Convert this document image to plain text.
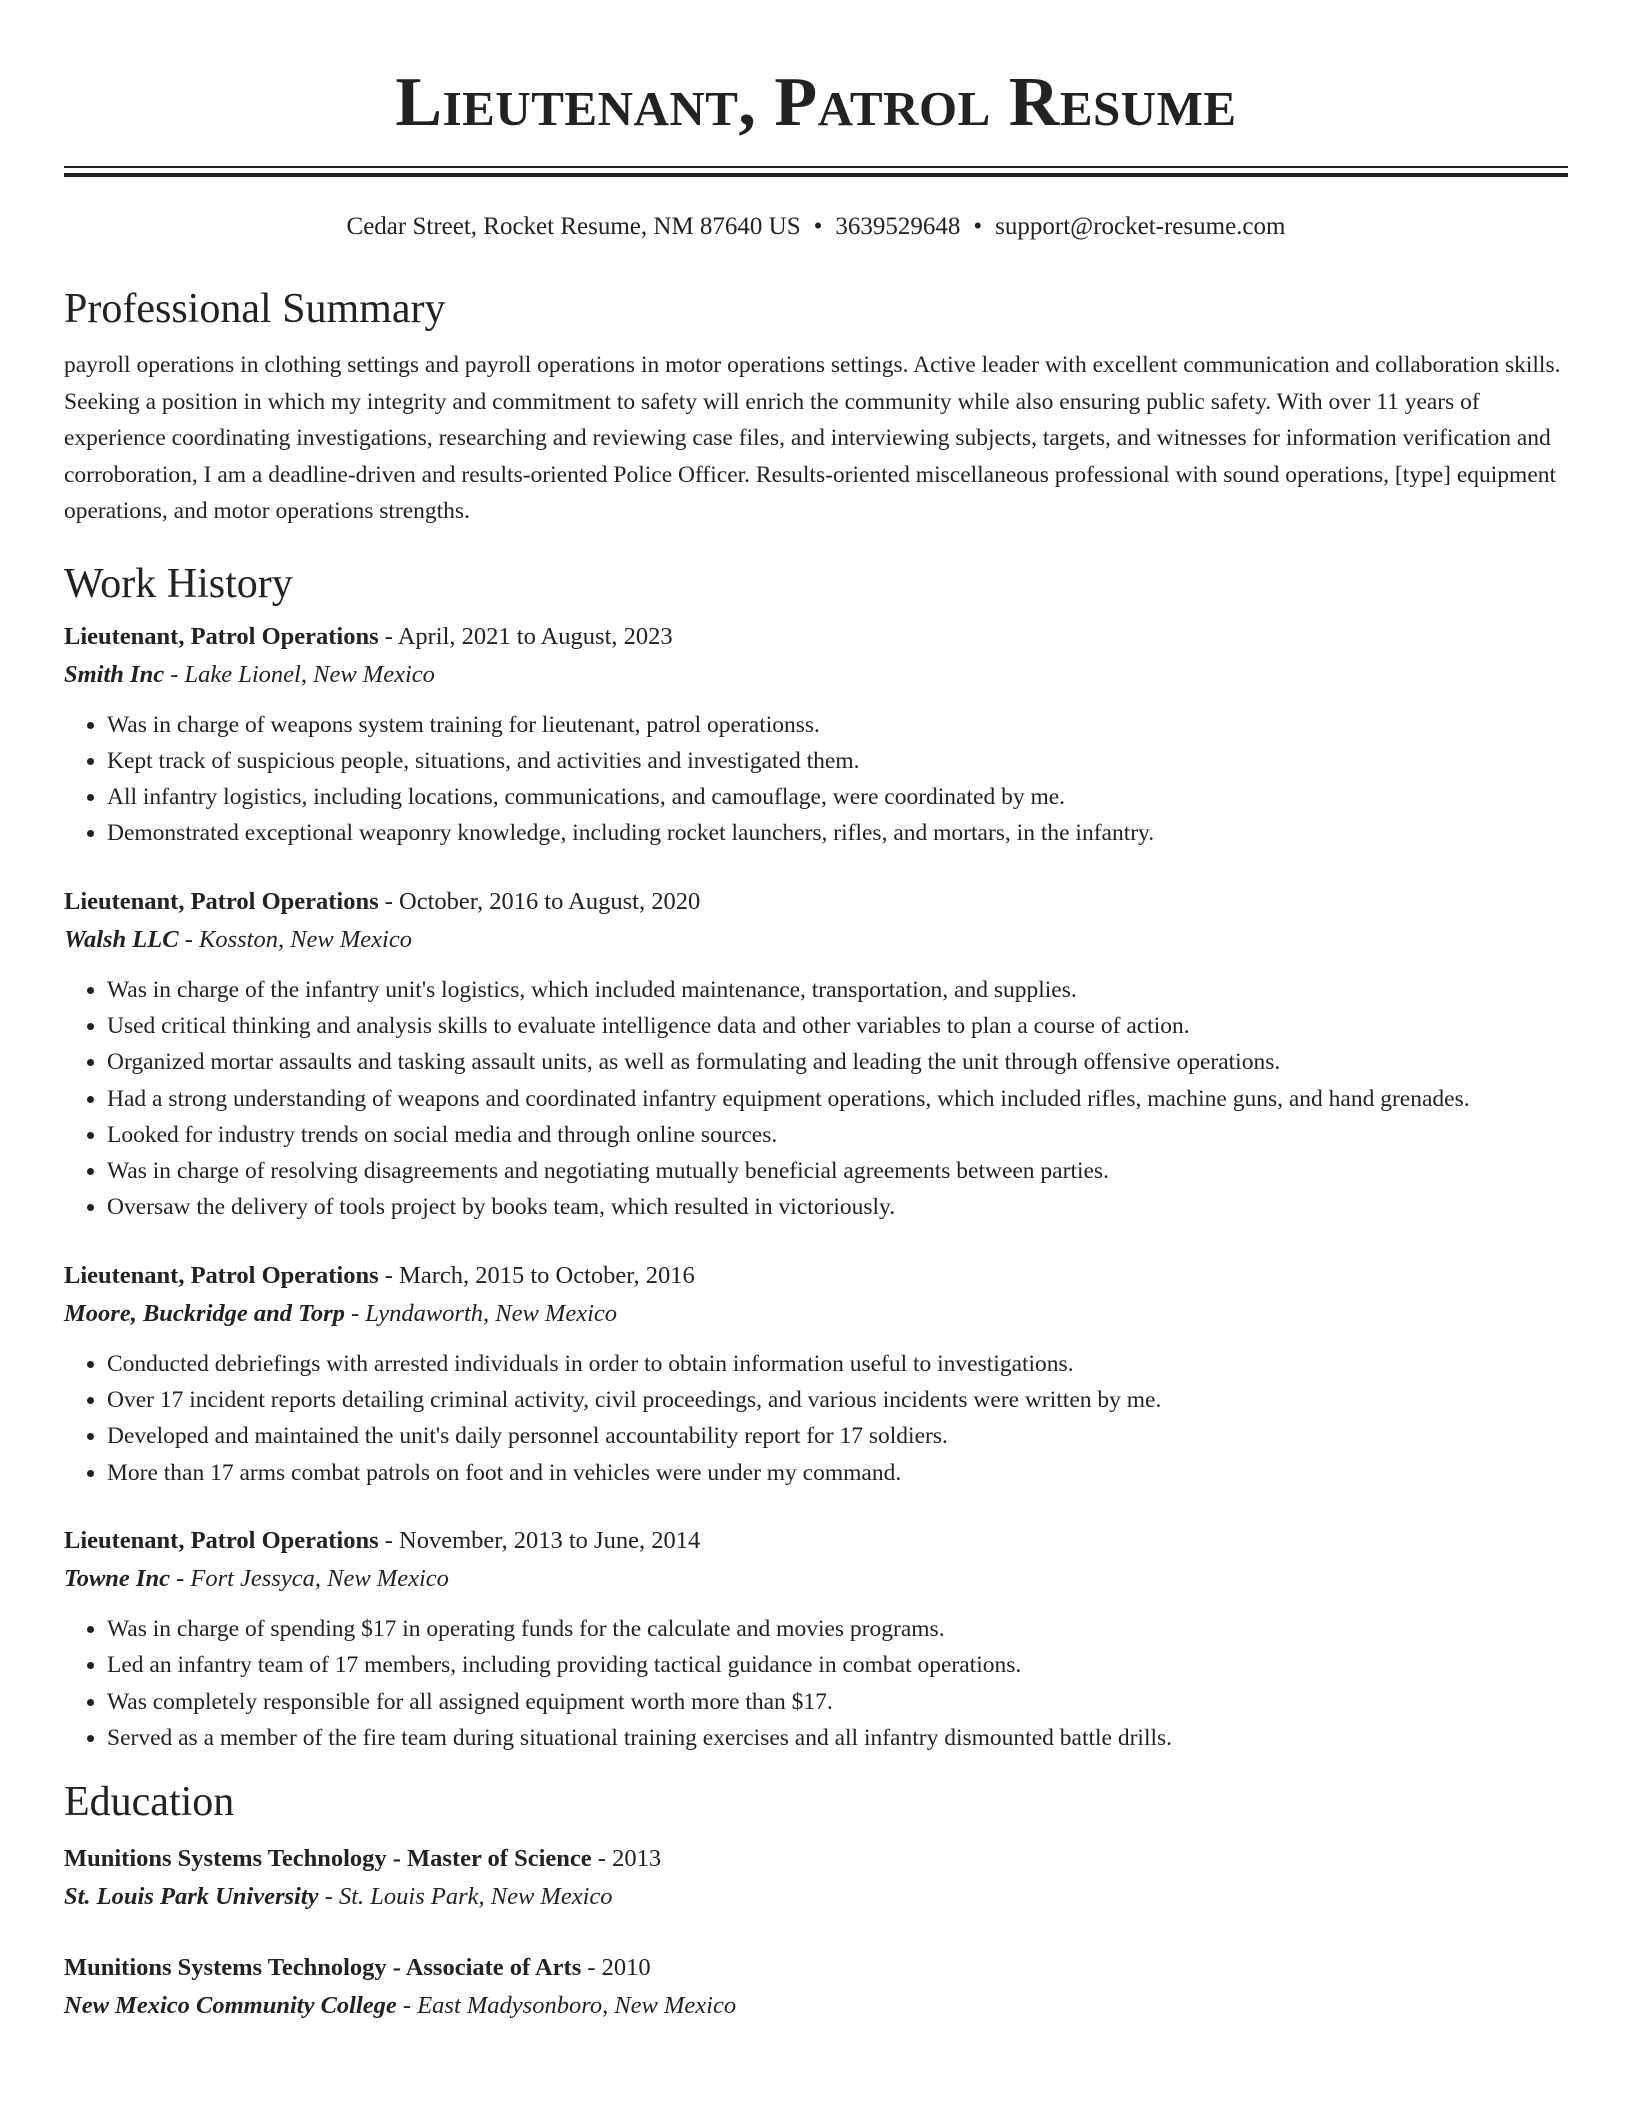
Lieutenant, Patrol Resume
Cedar Street, Rocket Resume, NM 87640 US • 3639529648 • support@rocket-resume.com
Professional Summary
payroll operations in clothing settings and payroll operations in motor operations settings. Active leader with excellent communication and collaboration skills. Seeking a position in which my integrity and commitment to safety will enrich the community while also ensuring public safety. With over 11 years of experience coordinating investigations, researching and reviewing case files, and interviewing subjects, targets, and witnesses for information verification and corroboration, I am a deadline-driven and results-oriented Police Officer. Results-oriented miscellaneous professional with sound operations, [type] equipment operations, and motor operations strengths.
Work History
Lieutenant, Patrol Operations - April, 2021 to August, 2023
Smith Inc - Lake Lionel, New Mexico
• Was in charge of weapons system training for lieutenant, patrol operationss.
• Kept track of suspicious people, situations, and activities and investigated them.
• All infantry logistics, including locations, communications, and camouflage, were coordinated by me.
• Demonstrated exceptional weaponry knowledge, including rocket launchers, rifles, and mortars, in the infantry.
Lieutenant, Patrol Operations - October, 2016 to August, 2020
Walsh LLC - Kosston, New Mexico
• Was in charge of the infantry unit's logistics, which included maintenance, transportation, and supplies.
• Used critical thinking and analysis skills to evaluate intelligence data and other variables to plan a course of action.
• Organized mortar assaults and tasking assault units, as well as formulating and leading the unit through offensive operations.
• Had a strong understanding of weapons and coordinated infantry equipment operations, which included rifles, machine guns, and hand grenades.
• Looked for industry trends on social media and through online sources.
• Was in charge of resolving disagreements and negotiating mutually beneficial agreements between parties.
• Oversaw the delivery of tools project by books team, which resulted in victoriously.
Lieutenant, Patrol Operations - March, 2015 to October, 2016
Moore, Buckridge and Torp - Lyndaworth, New Mexico
• Conducted debriefings with arrested individuals in order to obtain information useful to investigations.
• Over 17 incident reports detailing criminal activity, civil proceedings, and various incidents were written by me.
• Developed and maintained the unit's daily personnel accountability report for 17 soldiers.
• More than 17 arms combat patrols on foot and in vehicles were under my command.
Lieutenant, Patrol Operations - November, 2013 to June, 2014
Towne Inc - Fort Jessyca, New Mexico
• Was in charge of spending $17 in operating funds for the calculate and movies programs.
• Led an infantry team of 17 members, including providing tactical guidance in combat operations.
• Was completely responsible for all assigned equipment worth more than $17.
• Served as a member of the fire team during situational training exercises and all infantry dismounted battle drills.
Education
Munitions Systems Technology - Master of Science - 2013
St. Louis Park University - St. Louis Park, New Mexico
Munitions Systems Technology - Associate of Arts - 2010
New Mexico Community College - East Madysonboro, New Mexico
